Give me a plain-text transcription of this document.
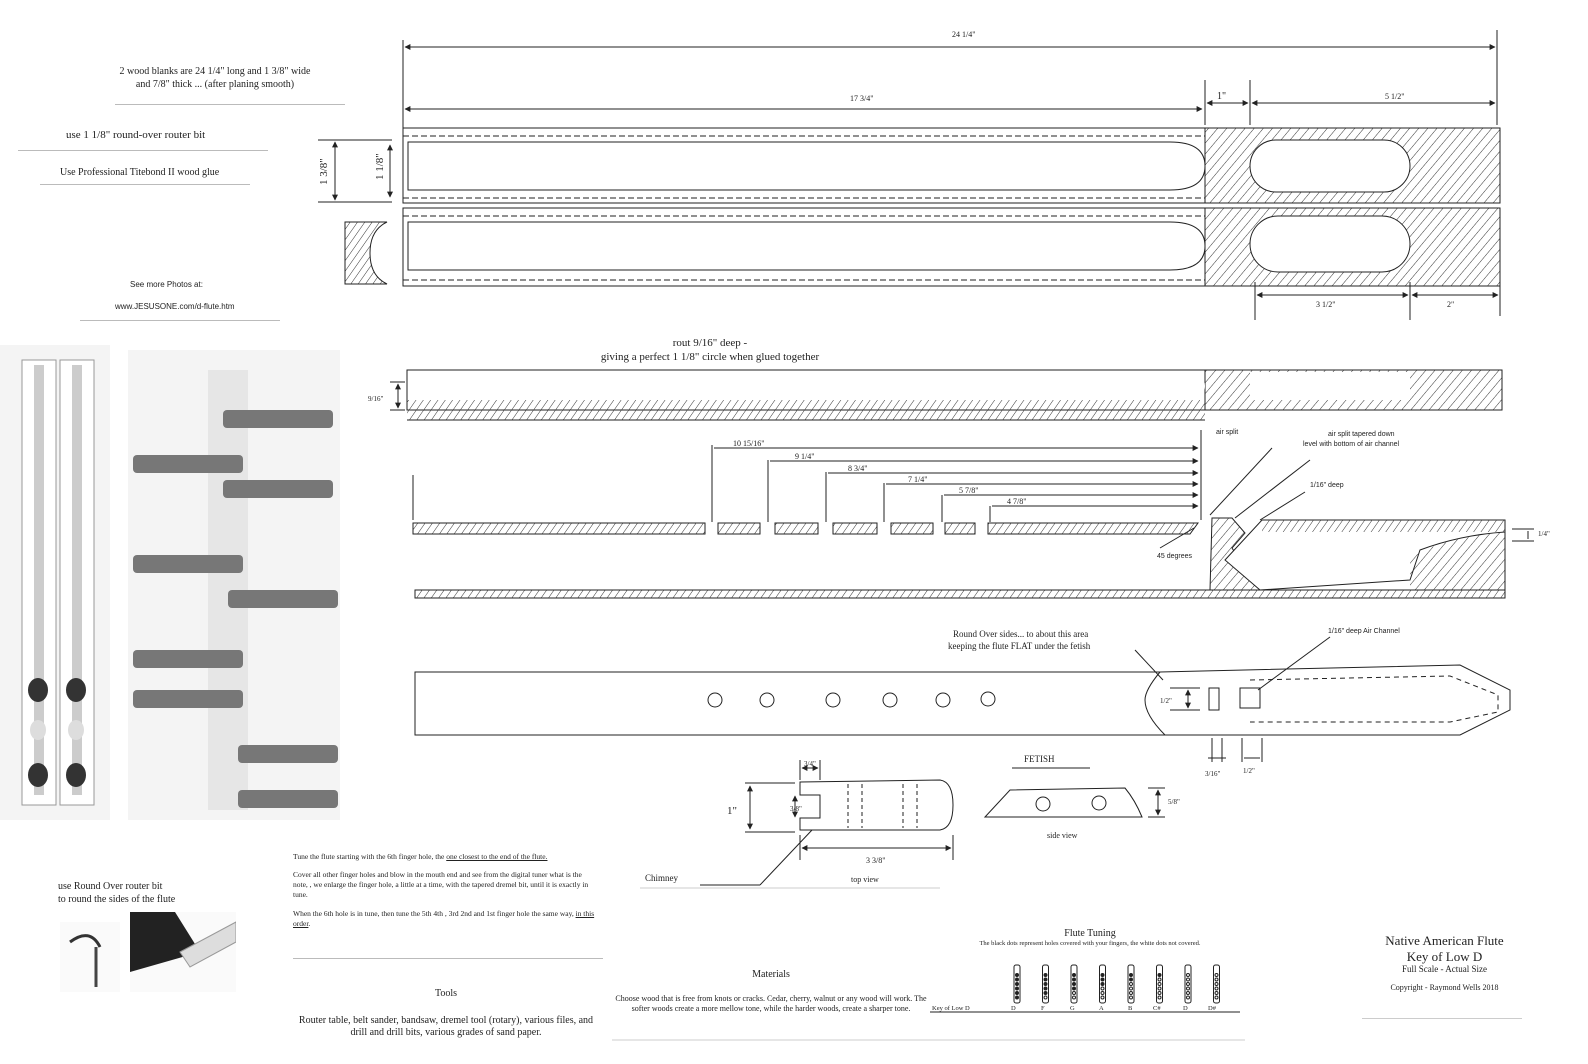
2 wood blanks are 24 1/4" long and 1 3/8" wide
and 7/8" thick ... (after planing smooth)
use 1 1/8" round-over router bit
Use Professional Titebond II wood glue
See more Photos at:
www.JESUSONE.com/d-flute.htm
rout 9/16" deep -
giving a perfect 1 1/8" circle when glued together
use Round Over router bit
to round the sides of the flute
Tune the flute starting with the 6th finger hole, the one closest to the end of the flute.
Cover all other finger holes and blow in the mouth end and see from the digital tuner what is the note, , we enlarge the finger hole, a little at a time, with the tapered dremel bit, until it is exactly in tune.
When the 6th hole is in tune, then tune the 5th 4th , 3rd 2nd and 1st finger hole the same way, in this order.
Tools
Router table, belt sander, bandsaw, dremel tool (rotary), various files, and drill and drill bits, various grades of sand paper.
Materials
Choose wood that is free from knots or cracks. Cedar, cherry, walnut or any wood will work. The softer woods create a more mellow tone, while the harder woods, create a sharper tone.
Flute Tuning
The black dots represent holes covered with your fingers, the white dots not covered.
Key of Low D	D	F	G	A	B	C#	D	D#
Native American Flute
Key of Low D
Full Scale - Actual Size
Copyright - Raymond Wells 2018
24 1/4"
17 3/4"	1"	5 1/2"
1 3/8"	1 1/8"
3 1/2"	2"
9/16"
10 15/16"
9 1/4"
8 3/4"
7 1/4"
5 7/8"
4 7/8"
air split	air split tapered down
level with bottom of air channel
1/16" deep
1/4"
45 degrees
Round Over sides... to about this area
keeping the flute FLAT under the fetish
1/16" deep Air Channel
1/2"
3/16"	1/2"
1"
3/4"
3/8"
3 3/8"
5/8"
FETISH
side view
top view
Chimney
